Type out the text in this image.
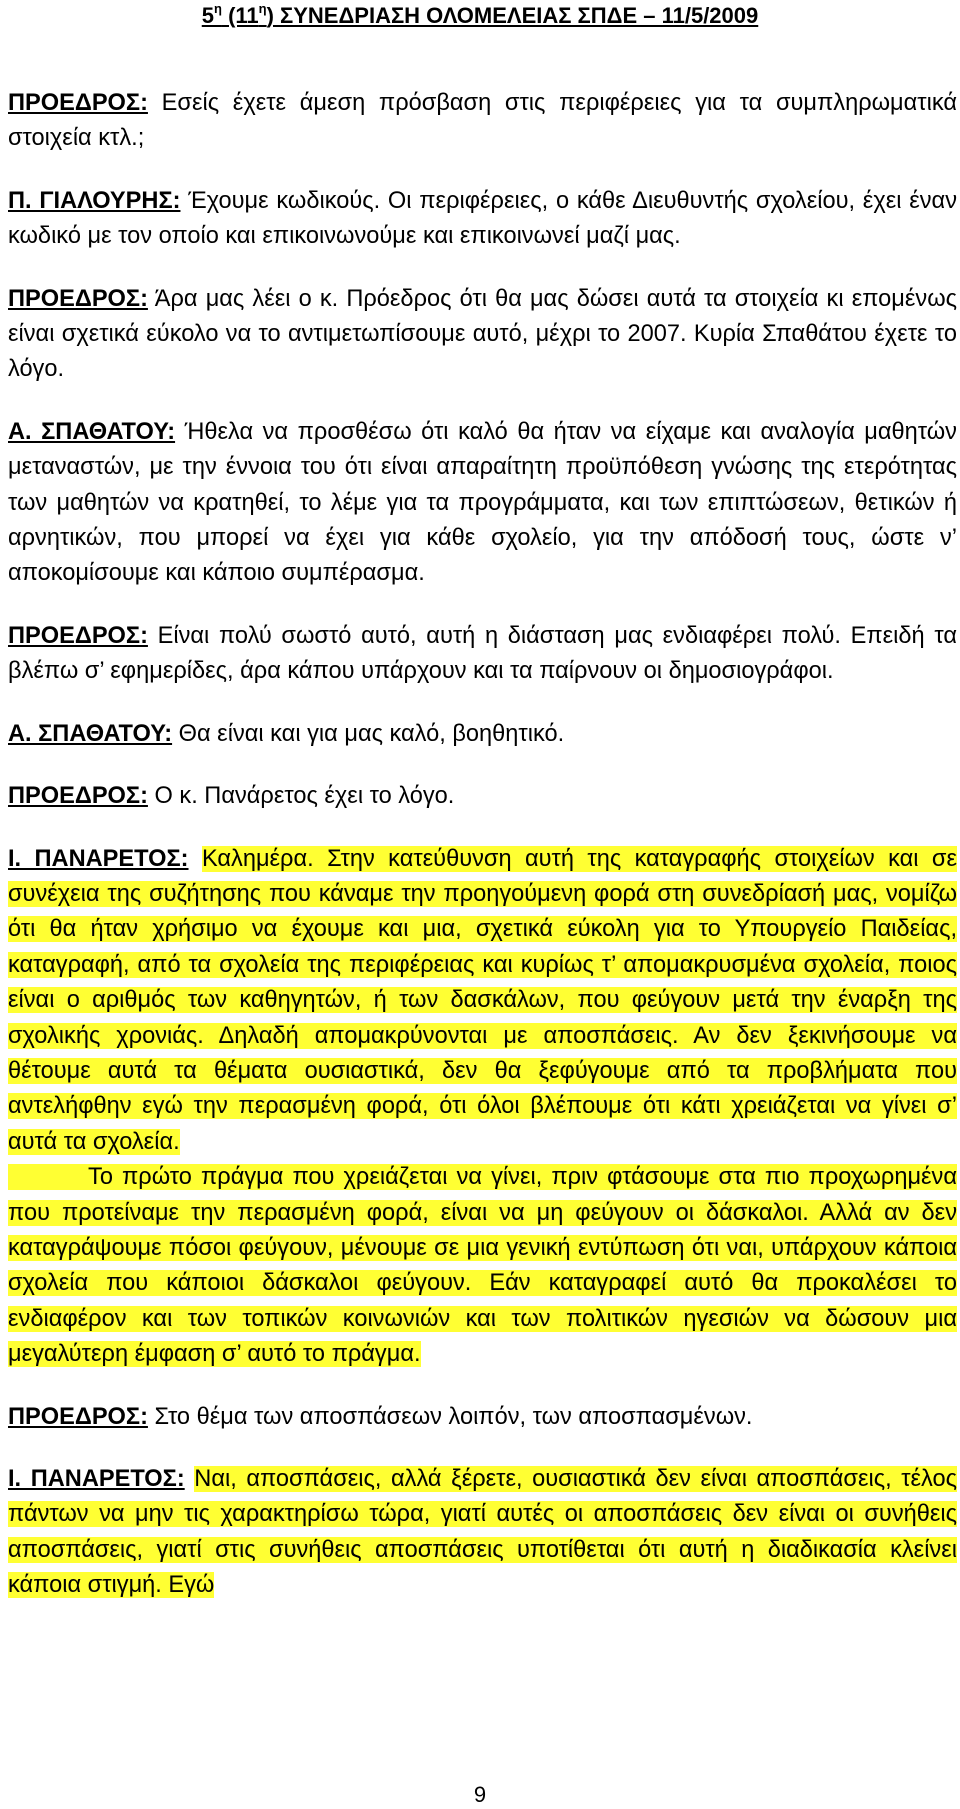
$5^\eta$ $(11^\eta)$ ΣΥΝΕΔΡΙΑΣΗ ΟΛΟΜΕΛΕΙΑΣ ΣΠΔΕ – 11/5/2009

ΠΡΟΕΔΡΟΣ: Εσείς έχετε άμεση πρόσβαση στις περιφέρειες για τα συμπληρωματικά στοιχεία κτλ.;

Π. ΓΙΑΛΟΥΡΗΣ: Έχουμε κωδικούς. Οι περιφέρειες, ο κάθε Διευθυντής σχολείου, έχει έναν κωδικό με τον οποίο και επικοινωνούμε και επικοινωνεί μαζί μας.

ΠΡΟΕΔΡΟΣ: Άρα μας λέει ο κ. Πρόεδρος ότι θα μας δώσει αυτά τα στοιχεία κι επομένως είναι σχετικά εύκολο να το αντιμετωπίσουμε αυτό, μέχρι το 2007. Κυρία Σπαθάτου έχετε το λόγο.

Α. ΣΠΑΘΑΤΟΥ: Ήθελα να προσθέσω ότι καλό θα ήταν να είχαμε και αναλογία μαθητών μεταναστών, με την έννοια του ότι είναι απαραίτητη προϋπόθεση γνώσης της ετερότητας των μαθητών να κρατηθεί, το λέμε για τα προγράμματα, και των επιπτώσεων, θετικών ή αρνητικών, που μπορεί να έχει για κάθε σχολείο, για την απόδοσή τους, ώστε ν’ αποκομίσουμε και κάποιο συμπέρασμα.

ΠΡΟΕΔΡΟΣ: Είναι πολύ σωστό αυτό, αυτή η διάσταση μας ενδιαφέρει πολύ. Επειδή τα βλέπω σ’ εφημερίδες, άρα κάπου υπάρχουν και τα παίρνουν οι δημοσιογράφοι.

Α. ΣΠΑΘΑΤΟΥ: Θα είναι και για μας καλό, βοηθητικό.

ΠΡΟΕΔΡΟΣ: Ο κ. Πανάρετος έχει το λόγο.

Ι. ΠΑΝΑΡΕΤΟΣ: Καλημέρα. Στην κατεύθυνση αυτή της καταγραφής στοιχείων και σε συνέχεια της συζήτησης που κάναμε την προηγούμενη φορά στη συνεδρίασή μας, νομίζω ότι θα ήταν χρήσιμο να έχουμε και μια, σχετικά εύκολη για το Υπουργείο Παιδείας, καταγραφή, από τα σχολεία της περιφέρειας και κυρίως τ’ απομακρυσμένα σχολεία, ποιος είναι ο αριθμός των καθηγητών, ή των δασκάλων, που φεύγουν μετά την έναρξη της σχολικής χρονιάς. Δηλαδή απομακρύνονται με αποσπάσεις. Αν δεν ξεκινήσουμε να θέτουμε αυτά τα θέματα ουσιαστικά, δεν θα ξεφύγουμε από τα προβλήματα που αντελήφθην εγώ την περασμένη φορά, ότι όλοι βλέπουμε ότι κάτι χρειάζεται να γίνει σ’ αυτά τα σχολεία.
Το πρώτο πράγμα που χρειάζεται να γίνει, πριν φτάσουμε στα πιο προχωρημένα που προτείναμε την περασμένη φορά, είναι να μη φεύγουν οι δάσκαλοι. Αλλά αν δεν καταγράψουμε πόσοι φεύγουν, μένουμε σε μια γενική εντύπωση ότι ναι, υπάρχουν κάποια σχολεία που κάποιοι δάσκαλοι φεύγουν. Εάν καταγραφεί αυτό θα προκαλέσει το ενδιαφέρον και των τοπικών κοινωνιών και των πολιτικών ηγεσιών να δώσουν μια μεγαλύτερη έμφαση σ’ αυτό το πράγμα.

ΠΡΟΕΔΡΟΣ: Στο θέμα των αποσπάσεων λοιπόν, των αποσπασμένων.

Ι. ΠΑΝΑΡΕΤΟΣ: Ναι, αποσπάσεις, αλλά ξέρετε, ουσιαστικά δεν είναι αποσπάσεις, τέλος πάντων να μην τις χαρακτηρίσω τώρα, γιατί αυτές οι αποσπάσεις δεν είναι οι συνήθεις αποσπάσεις, γιατί στις συνήθεις αποσπάσεις υποτίθεται ότι αυτή η διαδικασία κλείνει κάποια στιγμή. Εγώ

9
